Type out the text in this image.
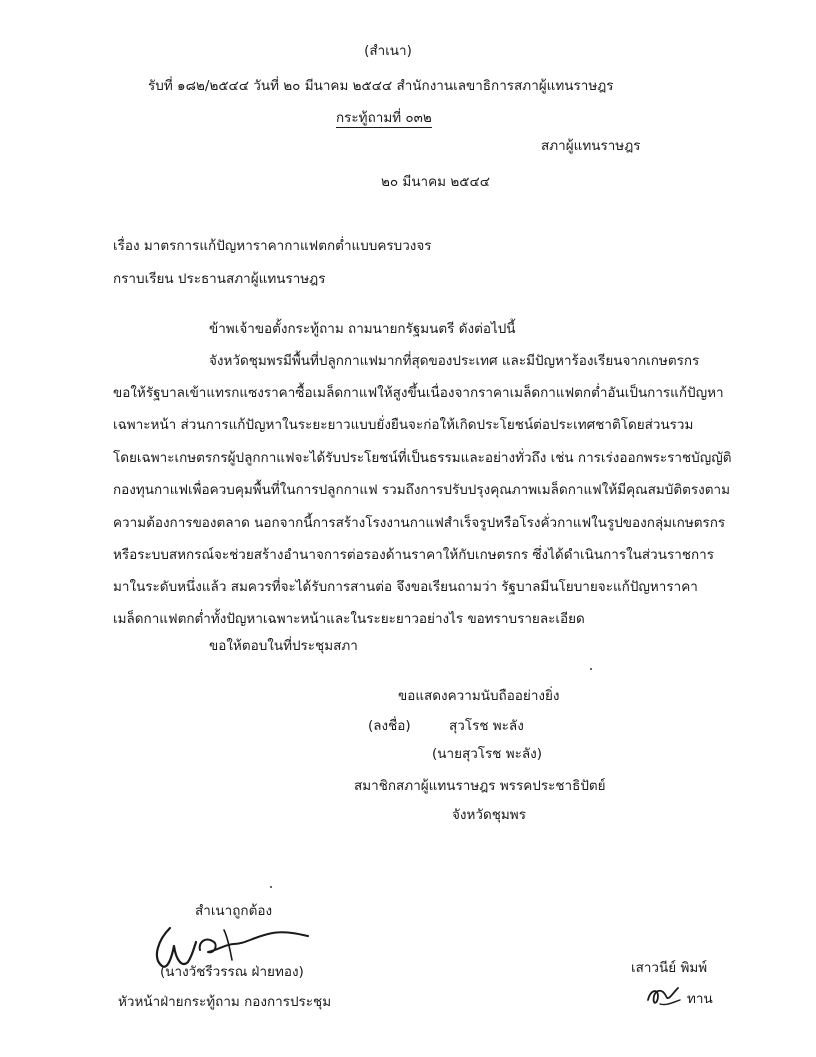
(สำเนา)
รับที่ ๑๘๒/๒๕๔๔ วันที่ ๒๐ มีนาคม ๒๕๔๔ สำนักงานเลขาธิการสภาผู้แทนราษฎร
กระทู้ถามที่ ๐๓๒
สภาผู้แทนราษฎร
๒๐ มีนาคม ๒๕๔๔
เรื่อง มาตรการแก้ปัญหาราคากาแฟตกต่ำแบบครบวงจร
กราบเรียน ประธานสภาผู้แทนราษฎร
ข้าพเจ้าขอตั้งกระทู้ถาม ถามนายกรัฐมนตรี ดังต่อไปนี้
จังหวัดชุมพรมีพื้นที่ปลูกกาแฟมากที่สุดของประเทศ และมีปัญหาร้องเรียนจากเกษตรกร
ขอให้รัฐบาลเข้าแทรกแซงราคาซื้อเมล็ดกาแฟให้สูงขึ้นเนื่องจากราคาเมล็ดกาแฟตกต่ำอันเป็นการแก้ปัญหา
เฉพาะหน้า ส่วนการแก้ปัญหาในระยะยาวแบบยั่งยืนจะก่อให้เกิดประโยชน์ต่อประเทศชาติโดยส่วนรวม
โดยเฉพาะเกษตรกรผู้ปลูกกาแฟจะได้รับประโยชน์ที่เป็นธรรมและอย่างทั่วถึง เช่น การเร่งออกพระราชบัญญัติ
กองทุนกาแฟเพื่อควบคุมพื้นที่ในการปลูกกาแฟ รวมถึงการปรับปรุงคุณภาพเมล็ดกาแฟให้มีคุณสมบัติตรงตาม
ความต้องการของตลาด นอกจากนี้การสร้างโรงงานกาแฟสำเร็จรูปหรือโรงคั่วกาแฟในรูปของกลุ่มเกษตรกร
หรือระบบสหกรณ์จะช่วยสร้างอำนาจการต่อรองด้านราคาให้กับเกษตรกร ซึ่งได้ดำเนินการในส่วนราชการ
มาในระดับหนึ่งแล้ว สมควรที่จะได้รับการสานต่อ จึงขอเรียนถามว่า รัฐบาลมีนโยบายจะแก้ปัญหาราคา
เมล็ดกาแฟตกต่ำทั้งปัญหาเฉพาะหน้าและในระยะยาวอย่างไร ขอทราบรายละเอียด
ขอให้ตอบในที่ประชุมสภา
ขอแสดงความนับถืออย่างยิ่ง
(ลงชื่อ)	สุวโรช พะลัง
(นายสุวโรช พะลัง)
สมาชิกสภาผู้แทนราษฎร พรรคประชาธิปัตย์
จังหวัดชุมพร
สำเนาถูกต้อง
(นางวัชรีวรรณ ฝ่ายทอง)
หัวหน้าฝ่ายกระทู้ถาม กองการประชุม
เสาวนีย์ พิมพ์
ทาน
